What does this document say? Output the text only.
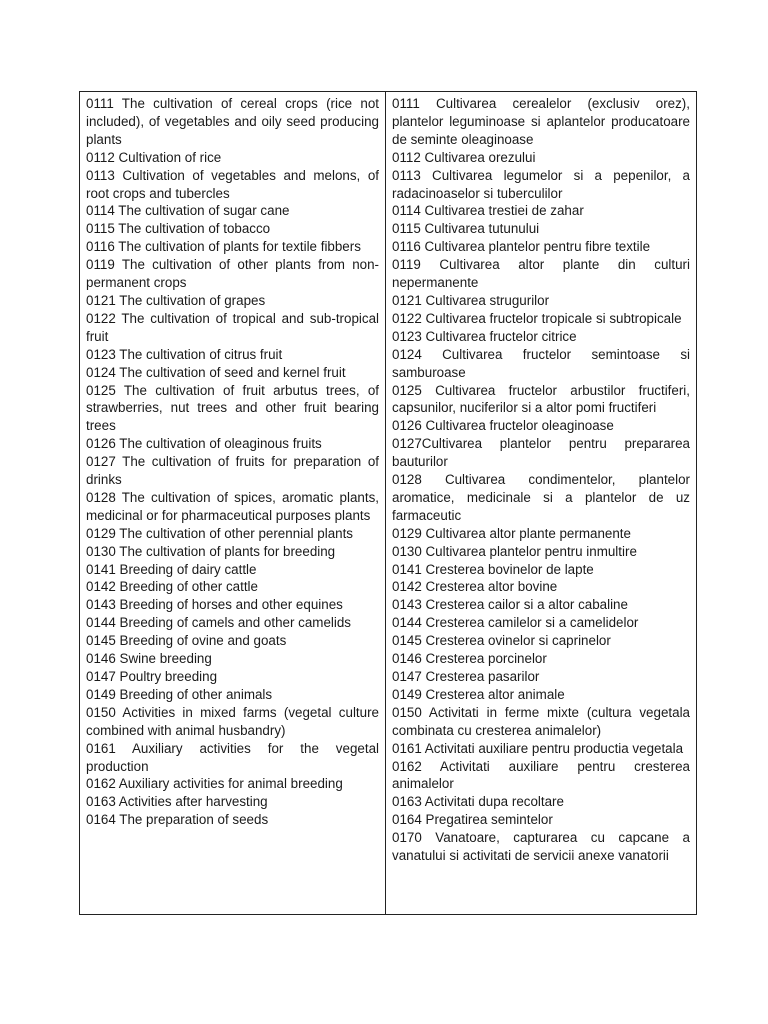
0111 The cultivation of cereal crops (rice not included), of vegetables and oily seed producing plants

0112 Cultivation of rice

0113 Cultivation of vegetables and melons, of root crops and tubercles

0114 The cultivation of sugar cane

0115 The cultivation of tobacco

0116 The cultivation of plants for textile fibbers

0119 The cultivation of other plants from non-permanent crops

0121 The cultivation of grapes

0122 The cultivation of tropical and sub-tropical fruit

0123 The cultivation of citrus fruit

0124 The cultivation of seed and kernel fruit

0125 The cultivation of fruit arbutus trees, of strawberries, nut trees and other fruit bearing trees

0126 The cultivation of oleaginous fruits

0127 The cultivation of fruits for preparation of drinks

0128 The cultivation of spices, aromatic plants, medicinal or for pharmaceutical purposes plants

0129 The cultivation of other perennial plants

0130 The cultivation of plants for breeding

0141 Breeding of dairy cattle

0142 Breeding of other cattle

0143 Breeding of horses and other equines

0144 Breeding of camels and other camelids

0145 Breeding of ovine and goats

0146 Swine breeding

0147 Poultry breeding

0149 Breeding of other animals

0150 Activities in mixed farms (vegetal culture combined with animal husbandry)

0161 Auxiliary activities for the vegetal production

0162 Auxiliary activities for animal breeding

0163 Activities after harvesting

0164 The preparation of seeds

0111 Cultivarea cerealelor (exclusiv orez), plantelor leguminoase si aplantelor producatoare de seminte oleaginoase

0112 Cultivarea orezului

0113 Cultivarea legumelor si a pepenilor, a radacinoaselor si tuberculilor

0114 Cultivarea trestiei de zahar

0115 Cultivarea tutunului

0116 Cultivarea plantelor pentru fibre textile

0119 Cultivarea altor plante din culturi nepermanente

0121 Cultivarea strugurilor

0122 Cultivarea fructelor tropicale si subtropicale

0123 Cultivarea fructelor citrice

0124 Cultivarea fructelor semintoase si samburoase

0125 Cultivarea fructelor arbustilor fructiferi, capsunilor, nuciferilor si a altor pomi fructiferi

0126 Cultivarea fructelor oleaginoase

0127Cultivarea plantelor pentru prepararea bauturilor

0128 Cultivarea condimentelor, plantelor aromatice, medicinale si a plantelor de uz farmaceutic

0129 Cultivarea altor plante permanente

0130 Cultivarea plantelor pentru inmultire

0141 Cresterea bovinelor de lapte

0142 Cresterea altor bovine

0143 Cresterea cailor si a altor cabaline

0144 Cresterea camilelor si a camelidelor

0145 Cresterea ovinelor si caprinelor

0146 Cresterea porcinelor

0147 Cresterea pasarilor

0149 Cresterea altor animale

0150 Activitati in ferme mixte (cultura vegetala combinata cu cresterea animalelor)

0161 Activitati auxiliare pentru productia vegetala

0162 Activitati auxiliare pentru cresterea animalelor

0163 Activitati dupa recoltare

0164 Pregatirea semintelor

0170 Vanatoare, capturarea cu capcane a vanatului si activitati de servicii anexe vanatorii
